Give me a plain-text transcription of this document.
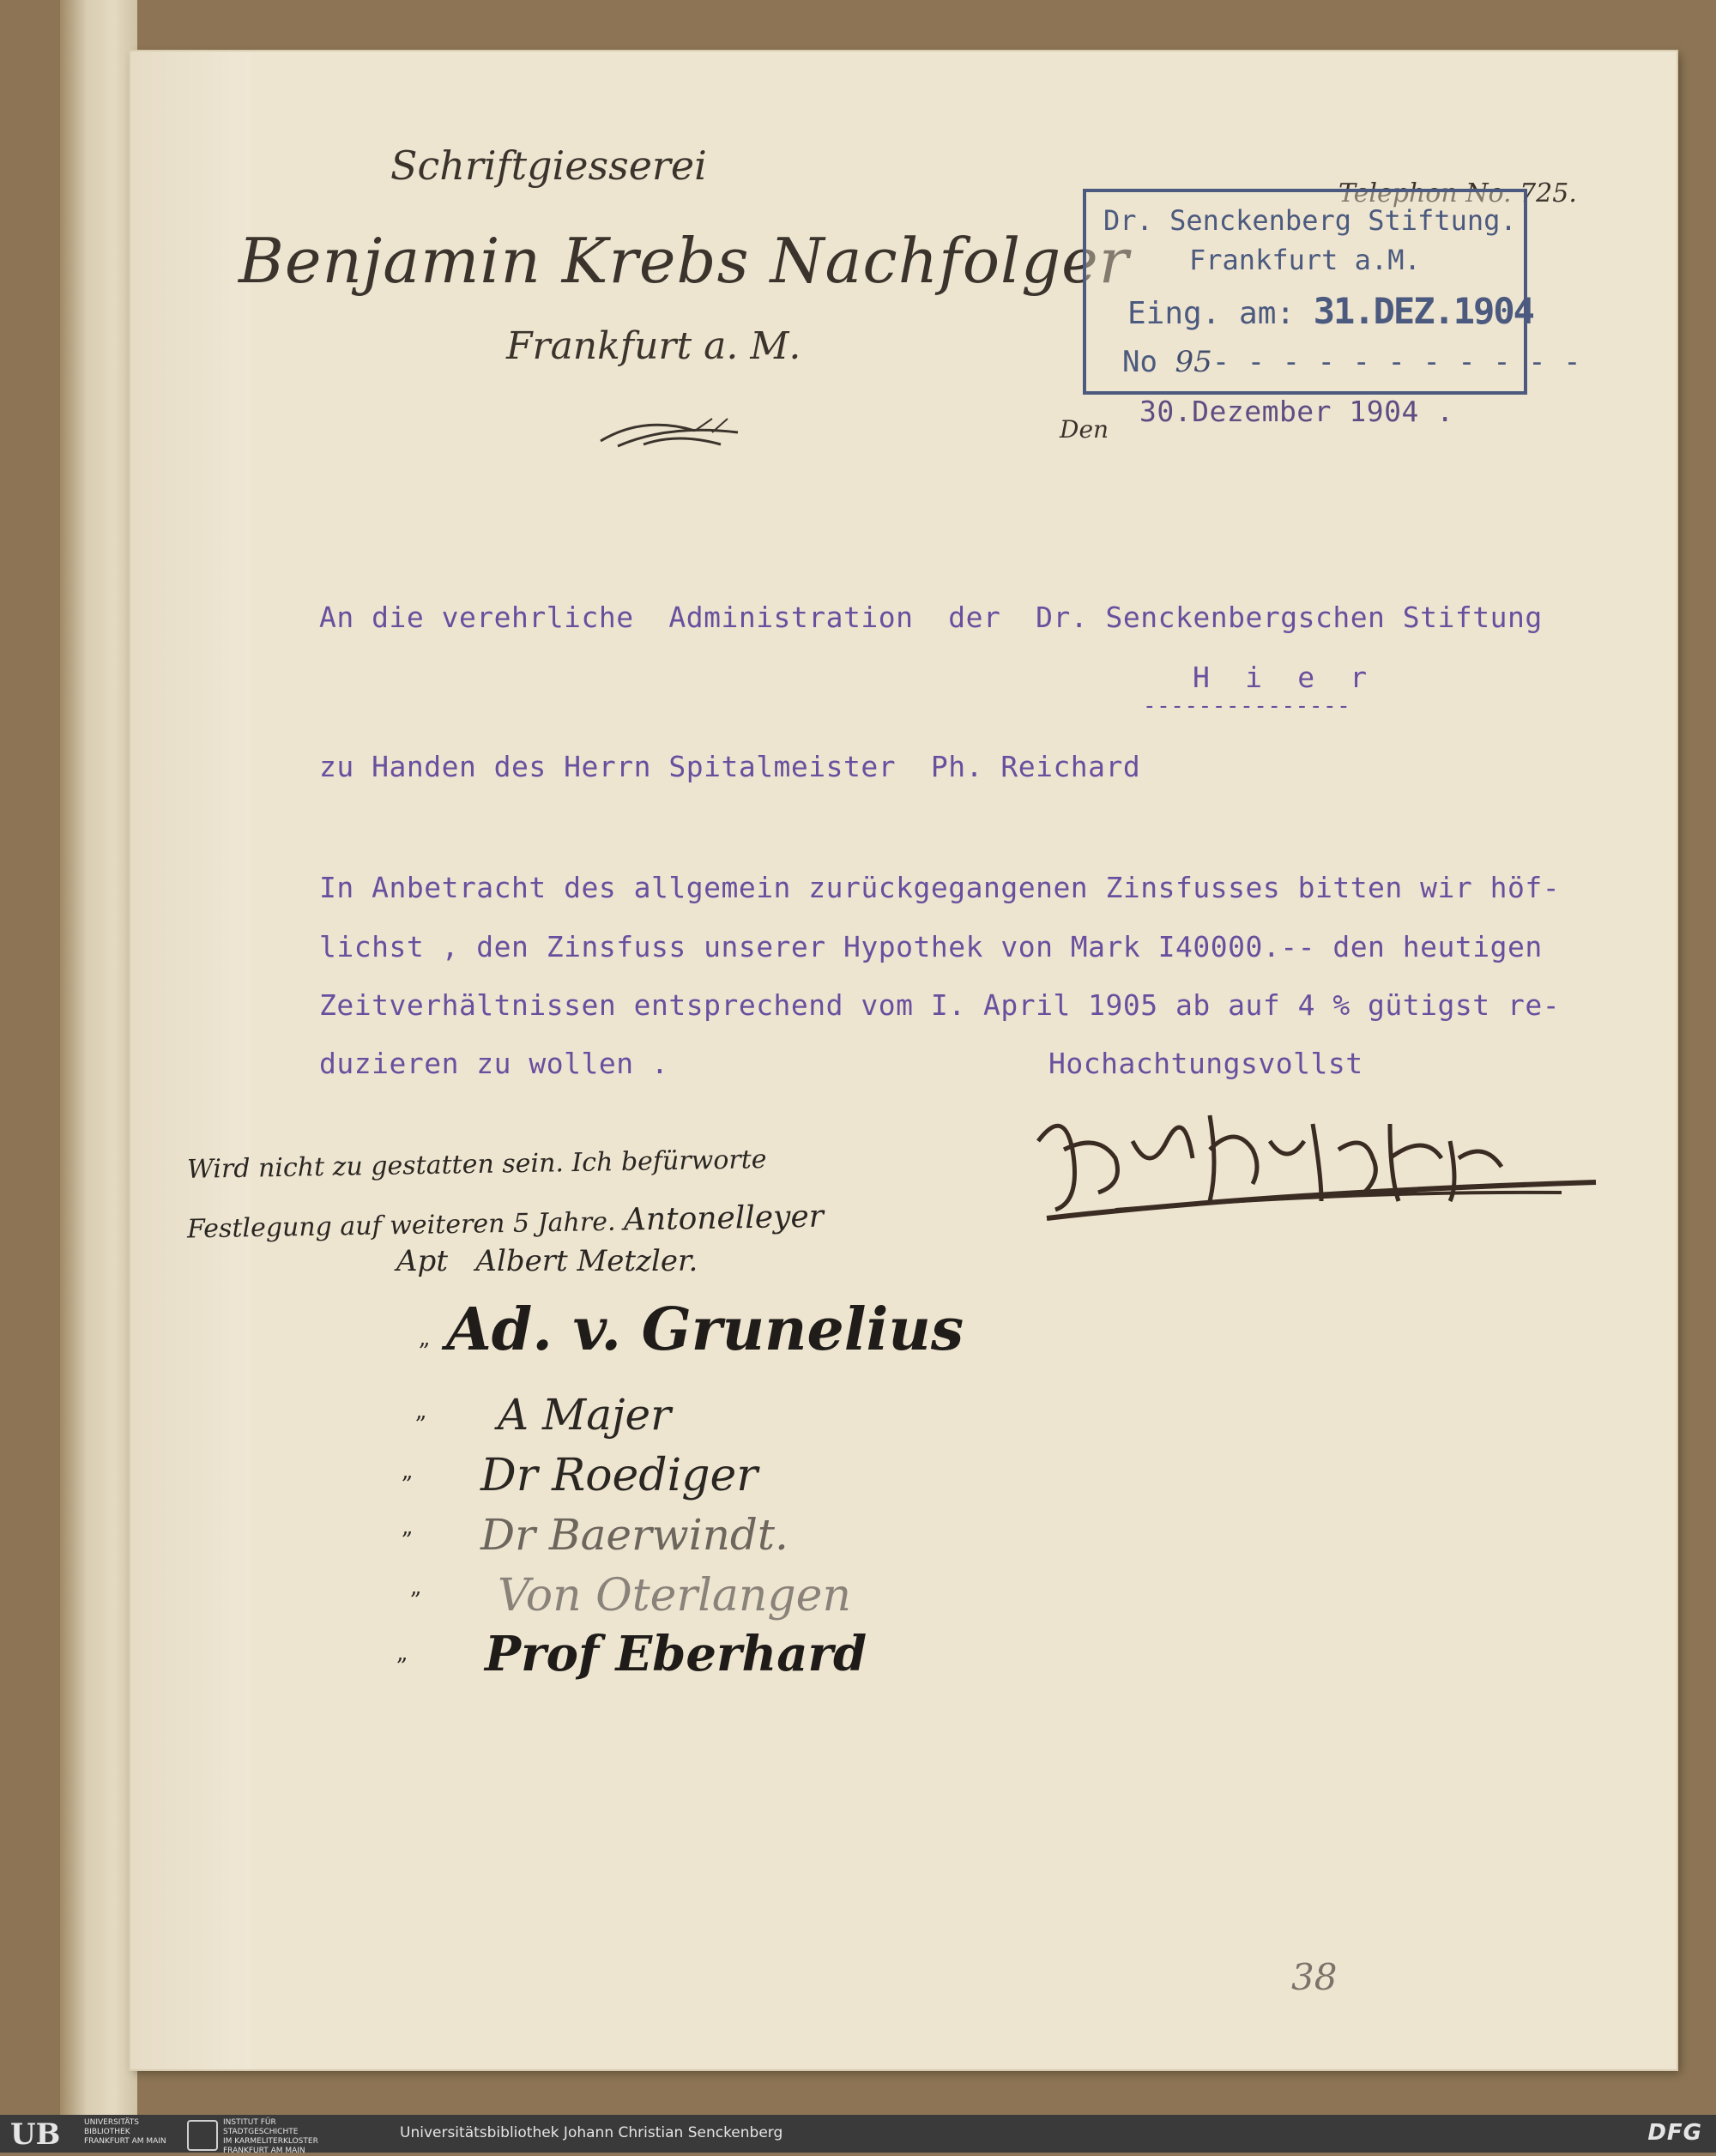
Schriftgiesserei
Benjamin Krebs Nachfolger
Frankfurt a. M.
Telephon No. 725.
Den
Dr. Senckenberg Stiftung.
Frankfurt a.M.
Eing. am: 31.DEZ.1904
No 95- - - - - - - - - - -
30.Dezember 1904 .
An die verehrliche  Administration  der  Dr. Senckenbergschen Stiftung
H  i  e  r
---------------
zu Handen des Herrn Spitalmeister  Ph. Reichard
In Anbetracht des allgemein zurückgegangenen Zinsfusses bitten wir höf-
lichst , den Zinsfuss unserer Hypothek von Mark I40000.-- den heutigen
Zeitverhältnissen entsprechend vom I. April 1905 ab auf 4 % gütigst re-
duzieren zu wollen .	Hochachtungsvollst
Wird nicht zu gestatten sein. Ich befürworte
Festlegung auf weiteren 5 Jahre. Antonelleyer
Apt Albert Metzler.
„ Ad. v. Grunelius
„ A Majer
„ Dr Roediger
„ Dr Baerwindt.
„ Von Oterlangen
„ Prof Eberhard
38
UB	UNIVERSITÄTS
BIBLIOTHEK
FRANKFURT AM MAIN
INSTITUT FÜR
STADTGESCHICHTE
IM KARMELITERKLOSTER
FRANKFURT AM MAIN
Universitätsbibliothek Johann Christian Senckenberg	DFG
